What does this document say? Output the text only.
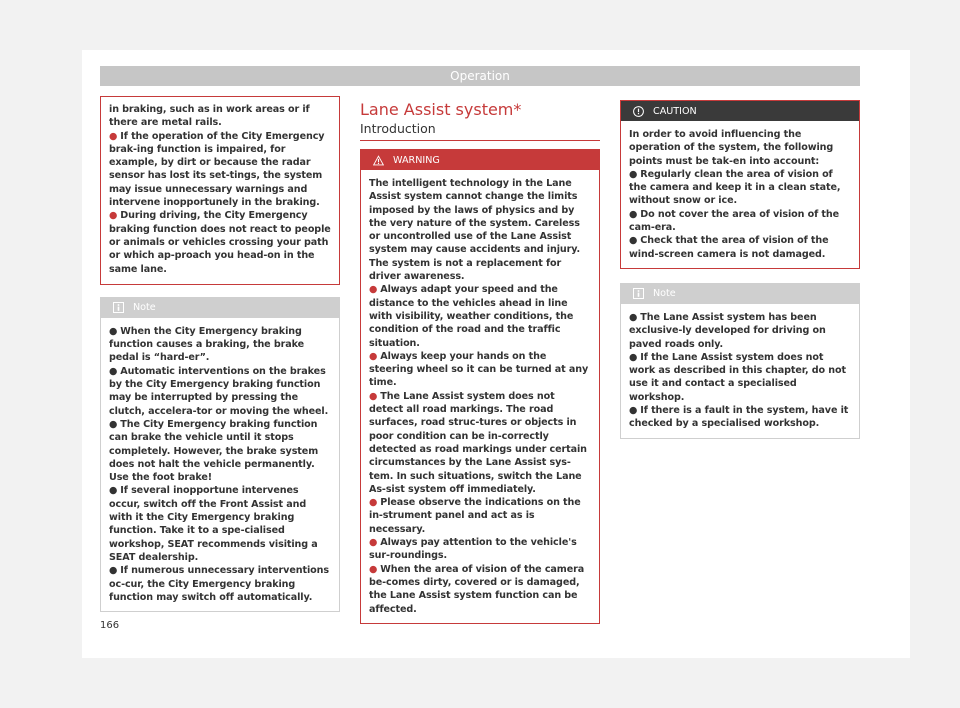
Operation

in braking, such as in work areas or if there are metal rails.

● If the operation of the City Emergency brak-ing function is impaired, for example, by dirt or because the radar sensor has lost its set-tings, the system may issue unnecessary warnings and intervene inopportunely in the braking.

● During driving, the City Emergency braking function does not react to people or animals or vehicles crossing your path or which ap-proach you head-on in the same lane.

Note

● When the City Emergency braking function causes a braking, the brake pedal is “hard-er”.

● Automatic interventions on the brakes by the City Emergency braking function may be interrupted by pressing the clutch, accelera-tor or moving the wheel.

● The City Emergency braking function can brake the vehicle until it stops completely. However, the brake system does not halt the vehicle permanently. Use the foot brake!

● If several inopportune intervenes occur, switch off the Front Assist and with it the City Emergency braking function. Take it to a spe-cialised workshop, SEAT recommends visiting a SEAT dealership.

● If numerous unnecessary interventions oc-cur, the City Emergency braking function may switch off automatically.

Lane Assist system*
Introduction
WARNING

The intelligent technology in the Lane Assist system cannot change the limits imposed by the laws of physics and by the very nature of the system. Careless or uncontrolled use of the Lane Assist system may cause accidents and injury. The system is not a replacement for driver awareness.

● Always adapt your speed and the distance to the vehicles ahead in line with visibility, weather conditions, the condition of the road and the traffic situation.

● Always keep your hands on the steering wheel so it can be turned at any time.

● The Lane Assist system does not detect all road markings. The road surfaces, road struc-tures or objects in poor condition can be in-correctly detected as road markings under certain circumstances by the Lane Assist sys-tem. In such situations, switch the Lane As-sist system off immediately.

● Please observe the indications on the in-strument panel and act as is necessary.

● Always pay attention to the vehicle's sur-roundings.

● When the area of vision of the camera be-comes dirty, covered or is damaged, the Lane Assist system function can be affected.

CAUTION

In order to avoid influencing the operation of the system, the following points must be tak-en into account:

● Regularly clean the area of vision of the camera and keep it in a clean state, without snow or ice.

● Do not cover the area of vision of the cam-era.

● Check that the area of vision of the wind-screen camera is not damaged.

Note

● The Lane Assist system has been exclusive-ly developed for driving on paved roads only.

● If the Lane Assist system does not work as described in this chapter, do not use it and contact a specialised workshop.

● If there is a fault in the system, have it checked by a specialised workshop.

166
